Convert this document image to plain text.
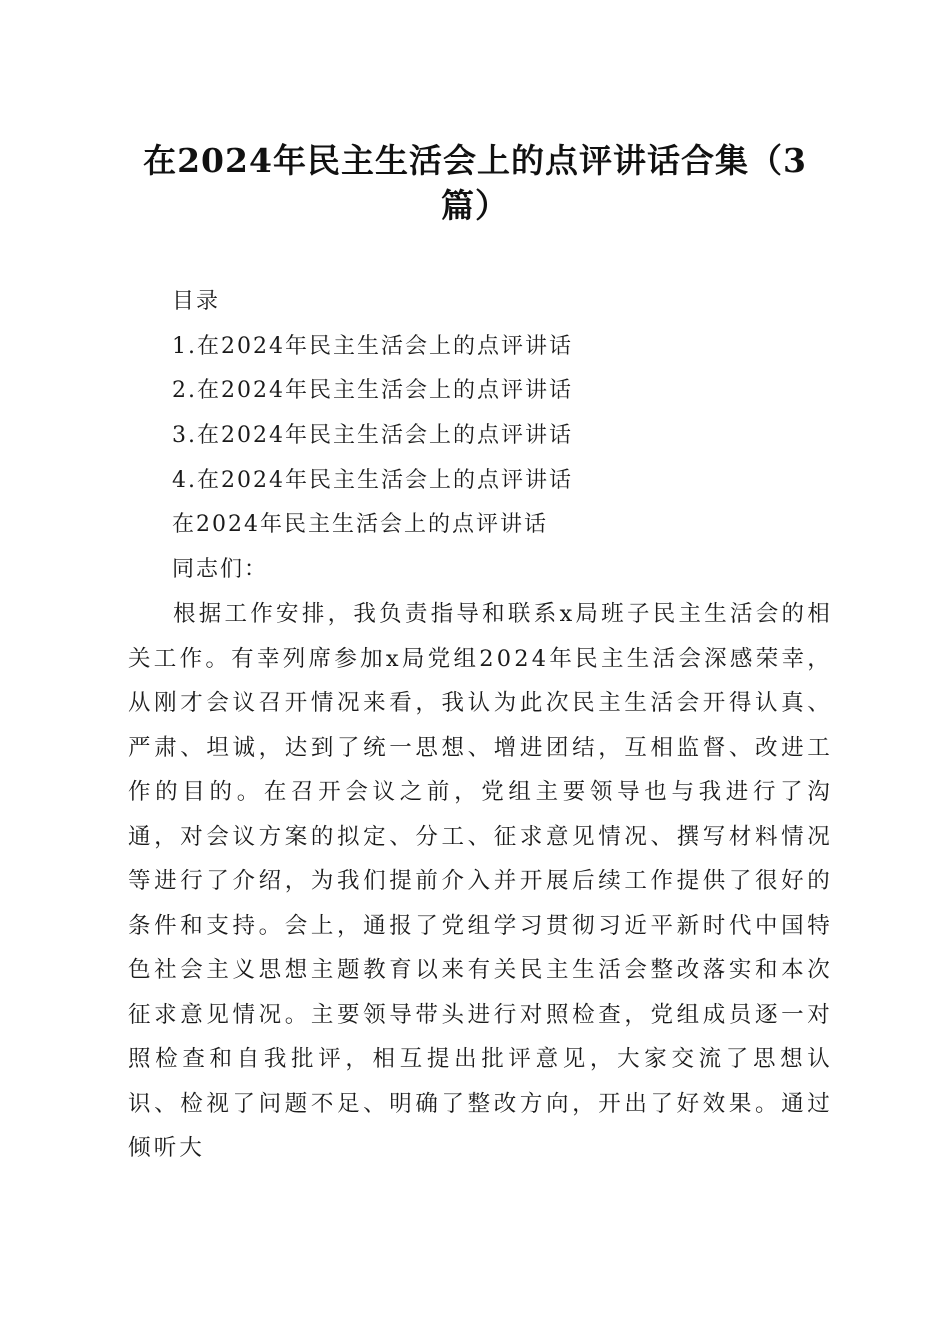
在2024年民主生活会上的点评讲话合集（3篇）
目录
1.在2024年民主生活会上的点评讲话
2.在2024年民主生活会上的点评讲话
3.在2024年民主生活会上的点评讲话
4.在2024年民主生活会上的点评讲话
在2024年民主生活会上的点评讲话
同志们：
根据工作安排，我负责指导和联系x局班子民主生活会的相关工作。有幸列席参加x局党组2024年民主生活会深感荣幸，从刚才会议召开情况来看，我认为此次民主生活会开得认真、严肃、坦诚，达到了统一思想、增进团结，互相监督、改进工作的目的。在召开会议之前，党组主要领导也与我进行了沟通，对会议方案的拟定、分工、征求意见情况、撰写材料情况等进行了介绍，为我们提前介入并开展后续工作提供了很好的条件和支持。会上，通报了党组学习贯彻习近平新时代中国特色社会主义思想主题教育以来有关民主生活会整改落实和本次征求意见情况。主要领导带头进行对照检查，党组成员逐一对照检查和自我批评，相互提出批评意见，大家交流了思想认识、检视了问题不足、明确了整改方向，开出了好效果。通过倾听大
